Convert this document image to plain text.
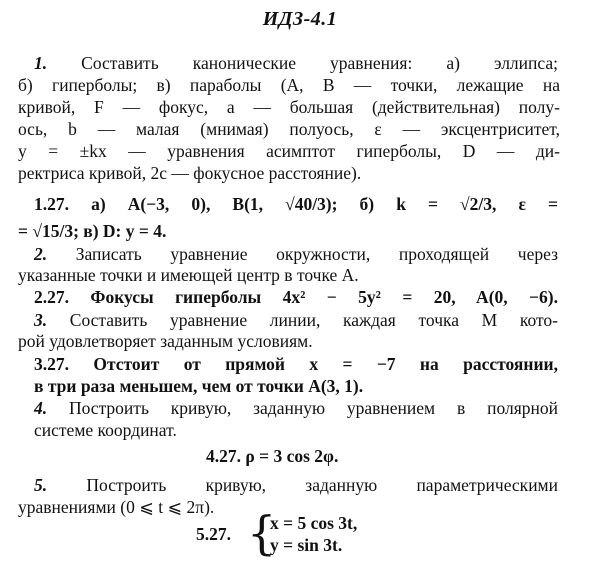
ИДЗ-4.1
1. Составить канонические уравнения: а) эллипса;
б) гиперболы; в) параболы (A, B — точки, лежащие на
кривой, F — фокус, a — большая (действительная) полу-
ось, b — малая (мнимая) полуось, ε — эксцентриситет,
y = ±kx — уравнения асимптот гиперболы, D — ди-
ректриса кривой, 2c — фокусное расстояние).
1.27. а) A(−3, 0), B(1, √40/3); б) k = √2/3, ε =
= √15/3; в) D: y = 4.
2. Записать уравнение окружности, проходящей через
указанные точки и имеющей центр в точке A.
2.27. Фокусы гиперболы 4x² − 5y² = 20, A(0, −6).
3. Составить уравнение линии, каждая точка M кото-
рой удовлетворяет заданным условиям.
3.27. Отстоит от прямой x = −7 на расстоянии,
в три раза меньшем, чем от точки A(3, 1).
4. Построить кривую, заданную уравнением в полярной
системе координат.
4.27. ρ = 3 cos 2φ.
5. Построить кривую, заданную параметрическими
уравнениями (0 ⩽ t ⩽ 2π).
5.27. {
x = 5 cos 3t,
y = sin 3t.
